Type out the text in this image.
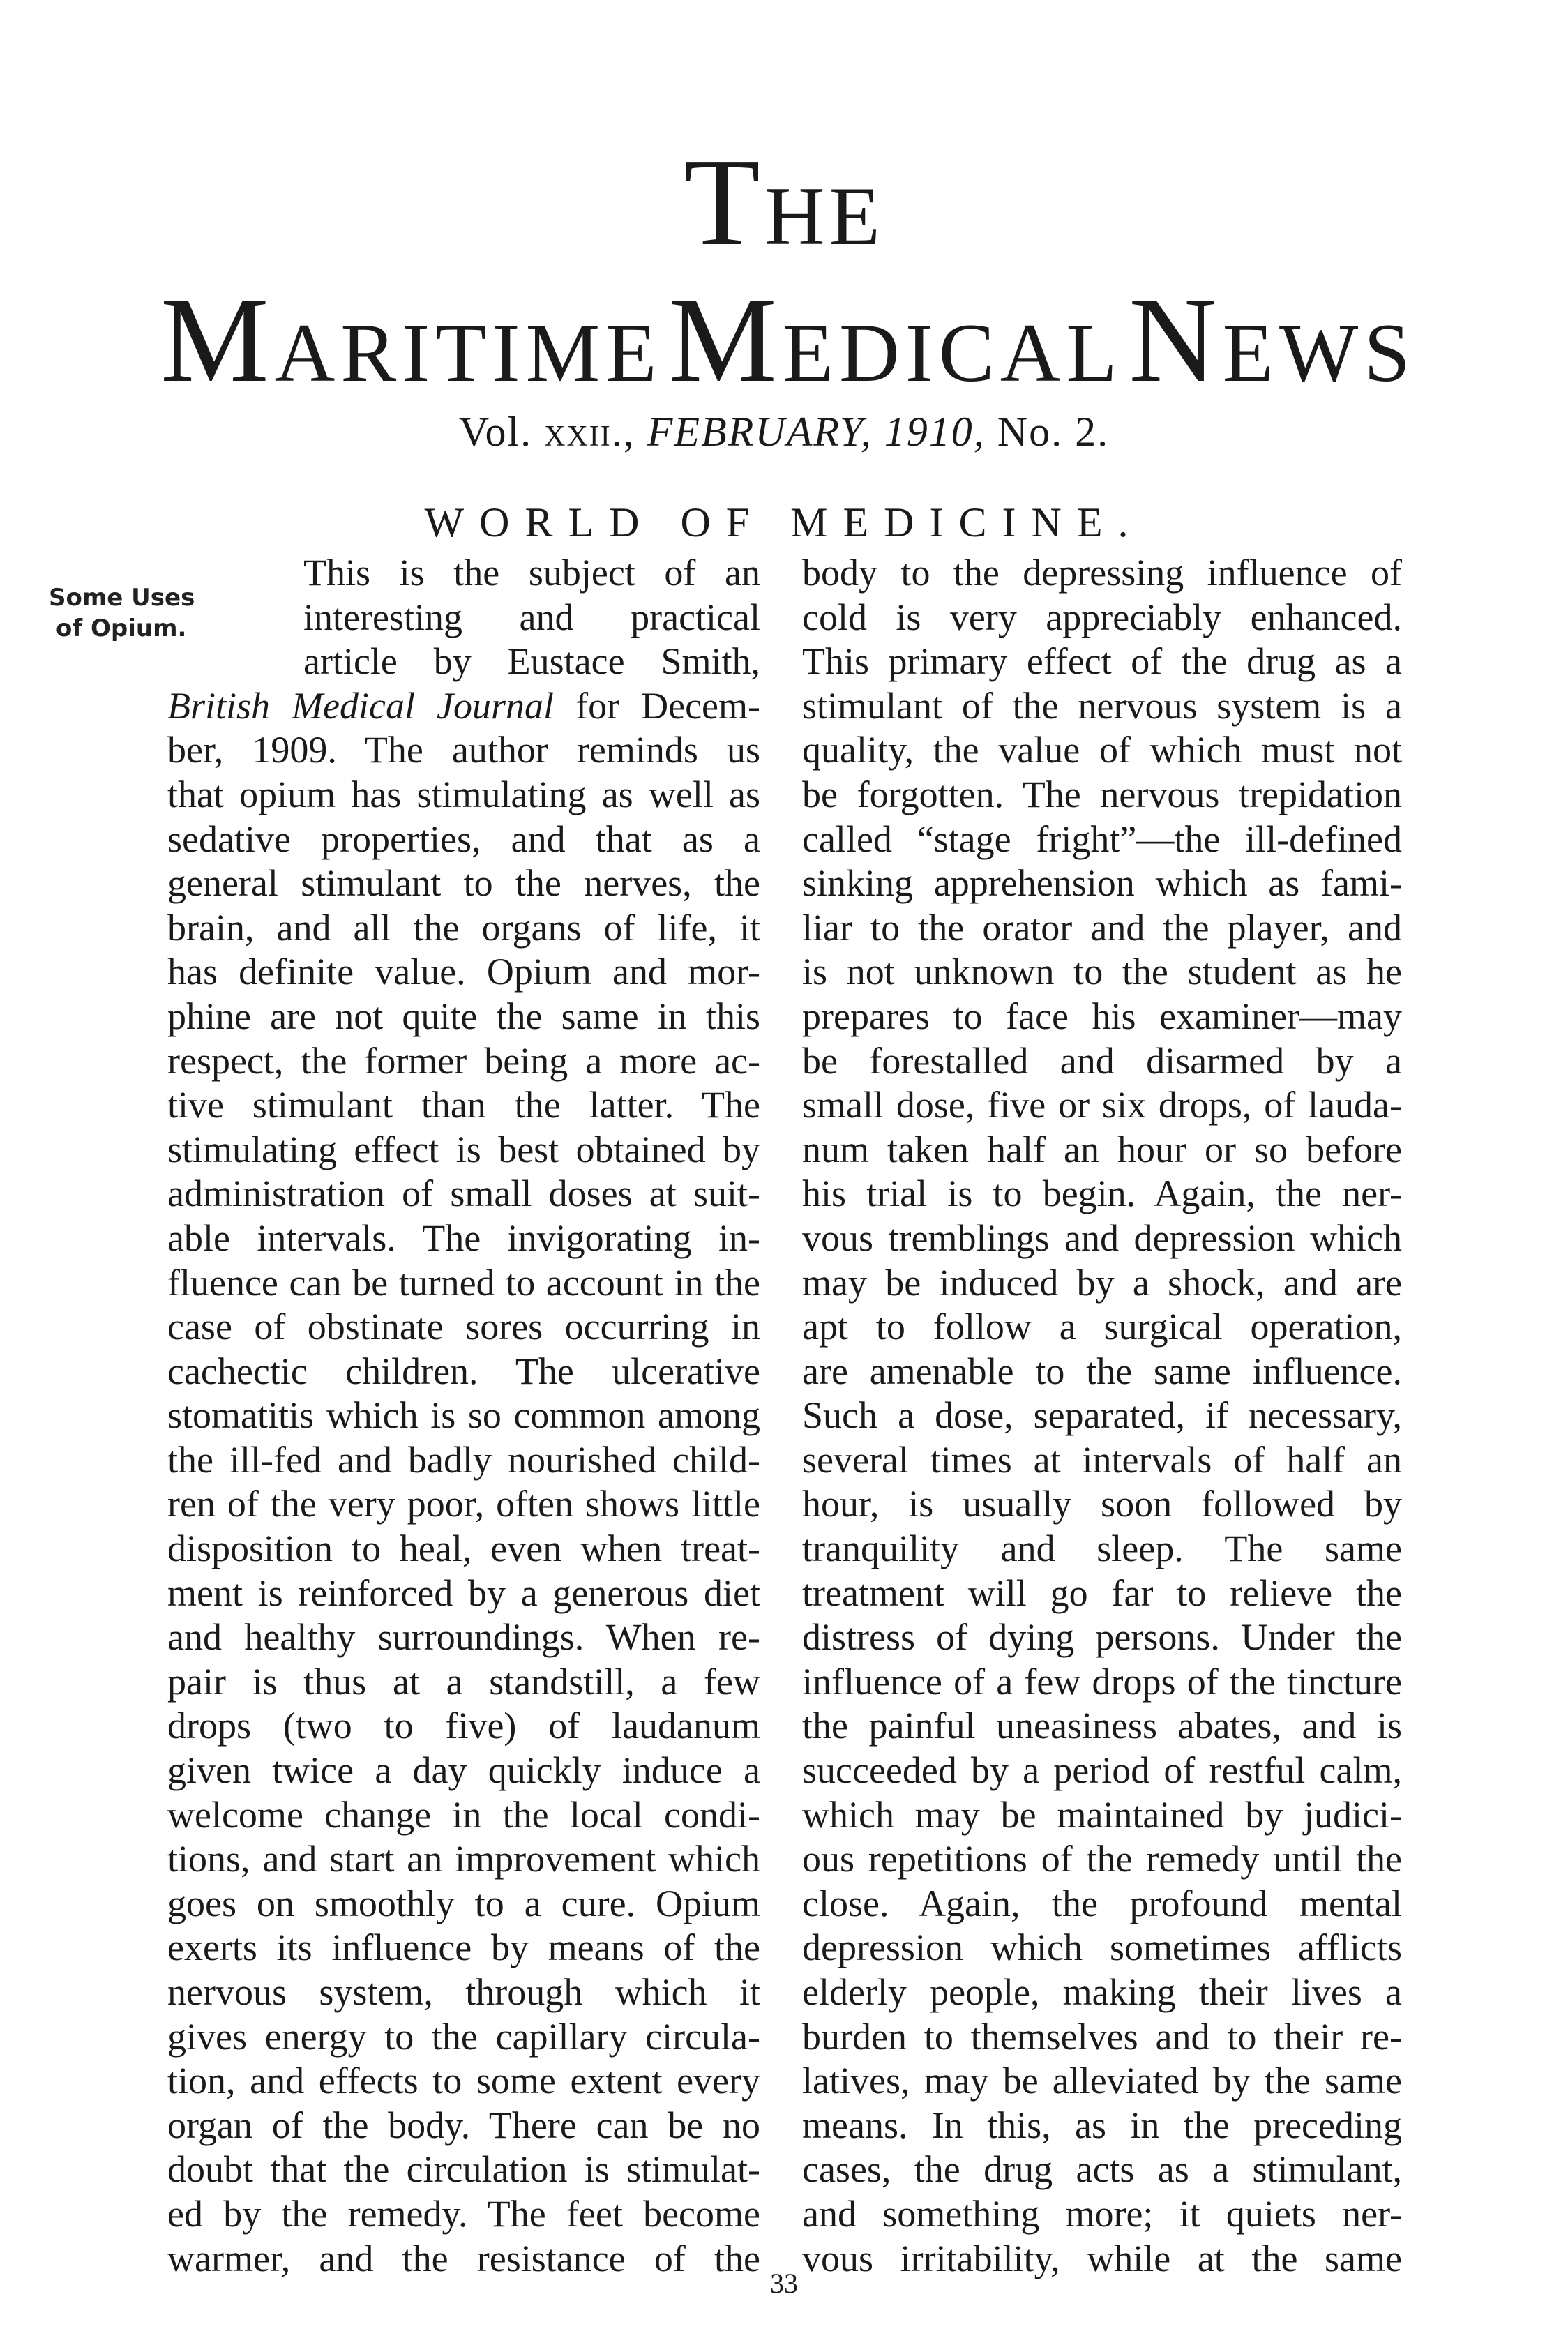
THE
MARITIME MEDICAL NEWS
Vol. xxii., FEBRUARY, 1910, No. 2.
WORLD OF MEDICINE.
Some Uses
of Opium.
This is the subject of an
interesting and practical
article by Eustace Smith,
British Medical Journal for Decem-
ber, 1909. The author reminds us
that opium has stimulating as well as
sedative properties, and that as a
general stimulant to the nerves, the
brain, and all the organs of life, it
has definite value. Opium and mor-
phine are not quite the same in this
respect, the former being a more ac-
tive stimulant than the latter. The
stimulating effect is best obtained by
administration of small doses at suit-
able intervals. The invigorating in-
fluence can be turned to account in the
case of obstinate sores occurring in
cachectic children. The ulcerative
stomatitis which is so common among
the ill-fed and badly nourished child-
ren of the very poor, often shows little
disposition to heal, even when treat-
ment is reinforced by a generous diet
and healthy surroundings. When re-
pair is thus at a standstill, a few
drops (two to five) of laudanum
given twice a day quickly induce a
welcome change in the local condi-
tions, and start an improvement which
goes on smoothly to a cure. Opium
exerts its influence by means of the
nervous system, through which it
gives energy to the capillary circula-
tion, and effects to some extent every
organ of the body. There can be no
doubt that the circulation is stimulat-
ed by the remedy. The feet become
warmer, and the resistance of the
body to the depressing influence of
cold is very appreciably enhanced.
This primary effect of the drug as a
stimulant of the nervous system is a
quality, the value of which must not
be forgotten. The nervous trepidation
called “stage fright”—the ill-defined
sinking apprehension which as fami-
liar to the orator and the player, and
is not unknown to the student as he
prepares to face his examiner—may
be forestalled and disarmed by a
small dose, five or six drops, of lauda-
num taken half an hour or so before
his trial is to begin. Again, the ner-
vous tremblings and depression which
may be induced by a shock, and are
apt to follow a surgical operation,
are amenable to the same influence.
Such a dose, separated, if necessary,
several times at intervals of half an
hour, is usually soon followed by
tranquility and sleep. The same
treatment will go far to relieve the
distress of dying persons. Under the
influence of a few drops of the tincture
the painful uneasiness abates, and is
succeeded by a period of restful calm,
which may be maintained by judici-
ous repetitions of the remedy until the
close. Again, the profound mental
depression which sometimes afflicts
elderly people, making their lives a
burden to themselves and to their re-
latives, may be alleviated by the same
means. In this, as in the preceding
cases, the drug acts as a stimulant,
and something more; it quiets ner-
vous irritability, while at the same
33
